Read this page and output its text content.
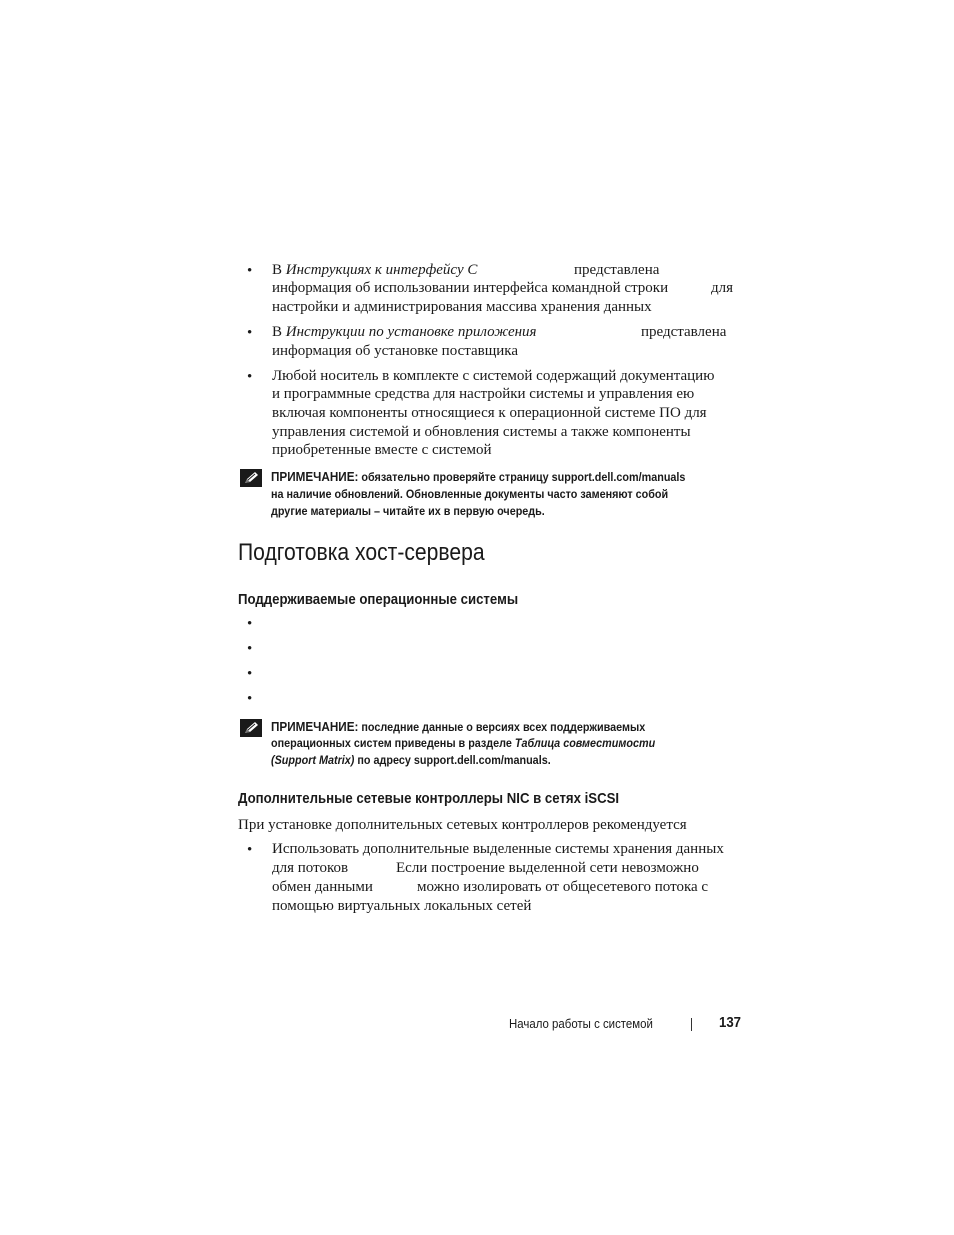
• В Инструкциях к интерфейсу C	представлена
информация об использовании интерфейса командной строки	для
настройки и администрирования массива хранения данных
• В Инструкции по установке приложения	представлена
информация об установке поставщика
• Любой носитель в комплекте с системой содержащий документацию
и программные средства для настройки системы и управления ею
включая компоненты относящиеся к операционной системе ПО для
управления системой и обновления системы а также компоненты
приобретенные вместе с системой
ПРИМЕЧАНИЕ: обязательно проверяйте страницу support.dell.com/manuals
на наличие обновлений. Обновленные документы часто заменяют собой
другие материалы – читайте их в первую очередь.
Подготовка хост-сервера
Поддерживаемые операционные системы
•
•
•
•
ПРИМЕЧАНИЕ: последние данные о версиях всех поддерживаемых
операционных систем приведены в разделе Таблица совместимости
(Support Matrix) по адресу support.dell.com/manuals.
Дополнительные сетевые контроллеры NIC в сетях iSCSI
При установке дополнительных сетевых контроллеров рекомендуется
• Использовать дополнительные выделенные системы хранения данных
для потоков	Если построение выделенной сети невозможно
обмен данными	можно изолировать от общесетевого потока с
помощью виртуальных локальных сетей
Начало работы с системой	137
